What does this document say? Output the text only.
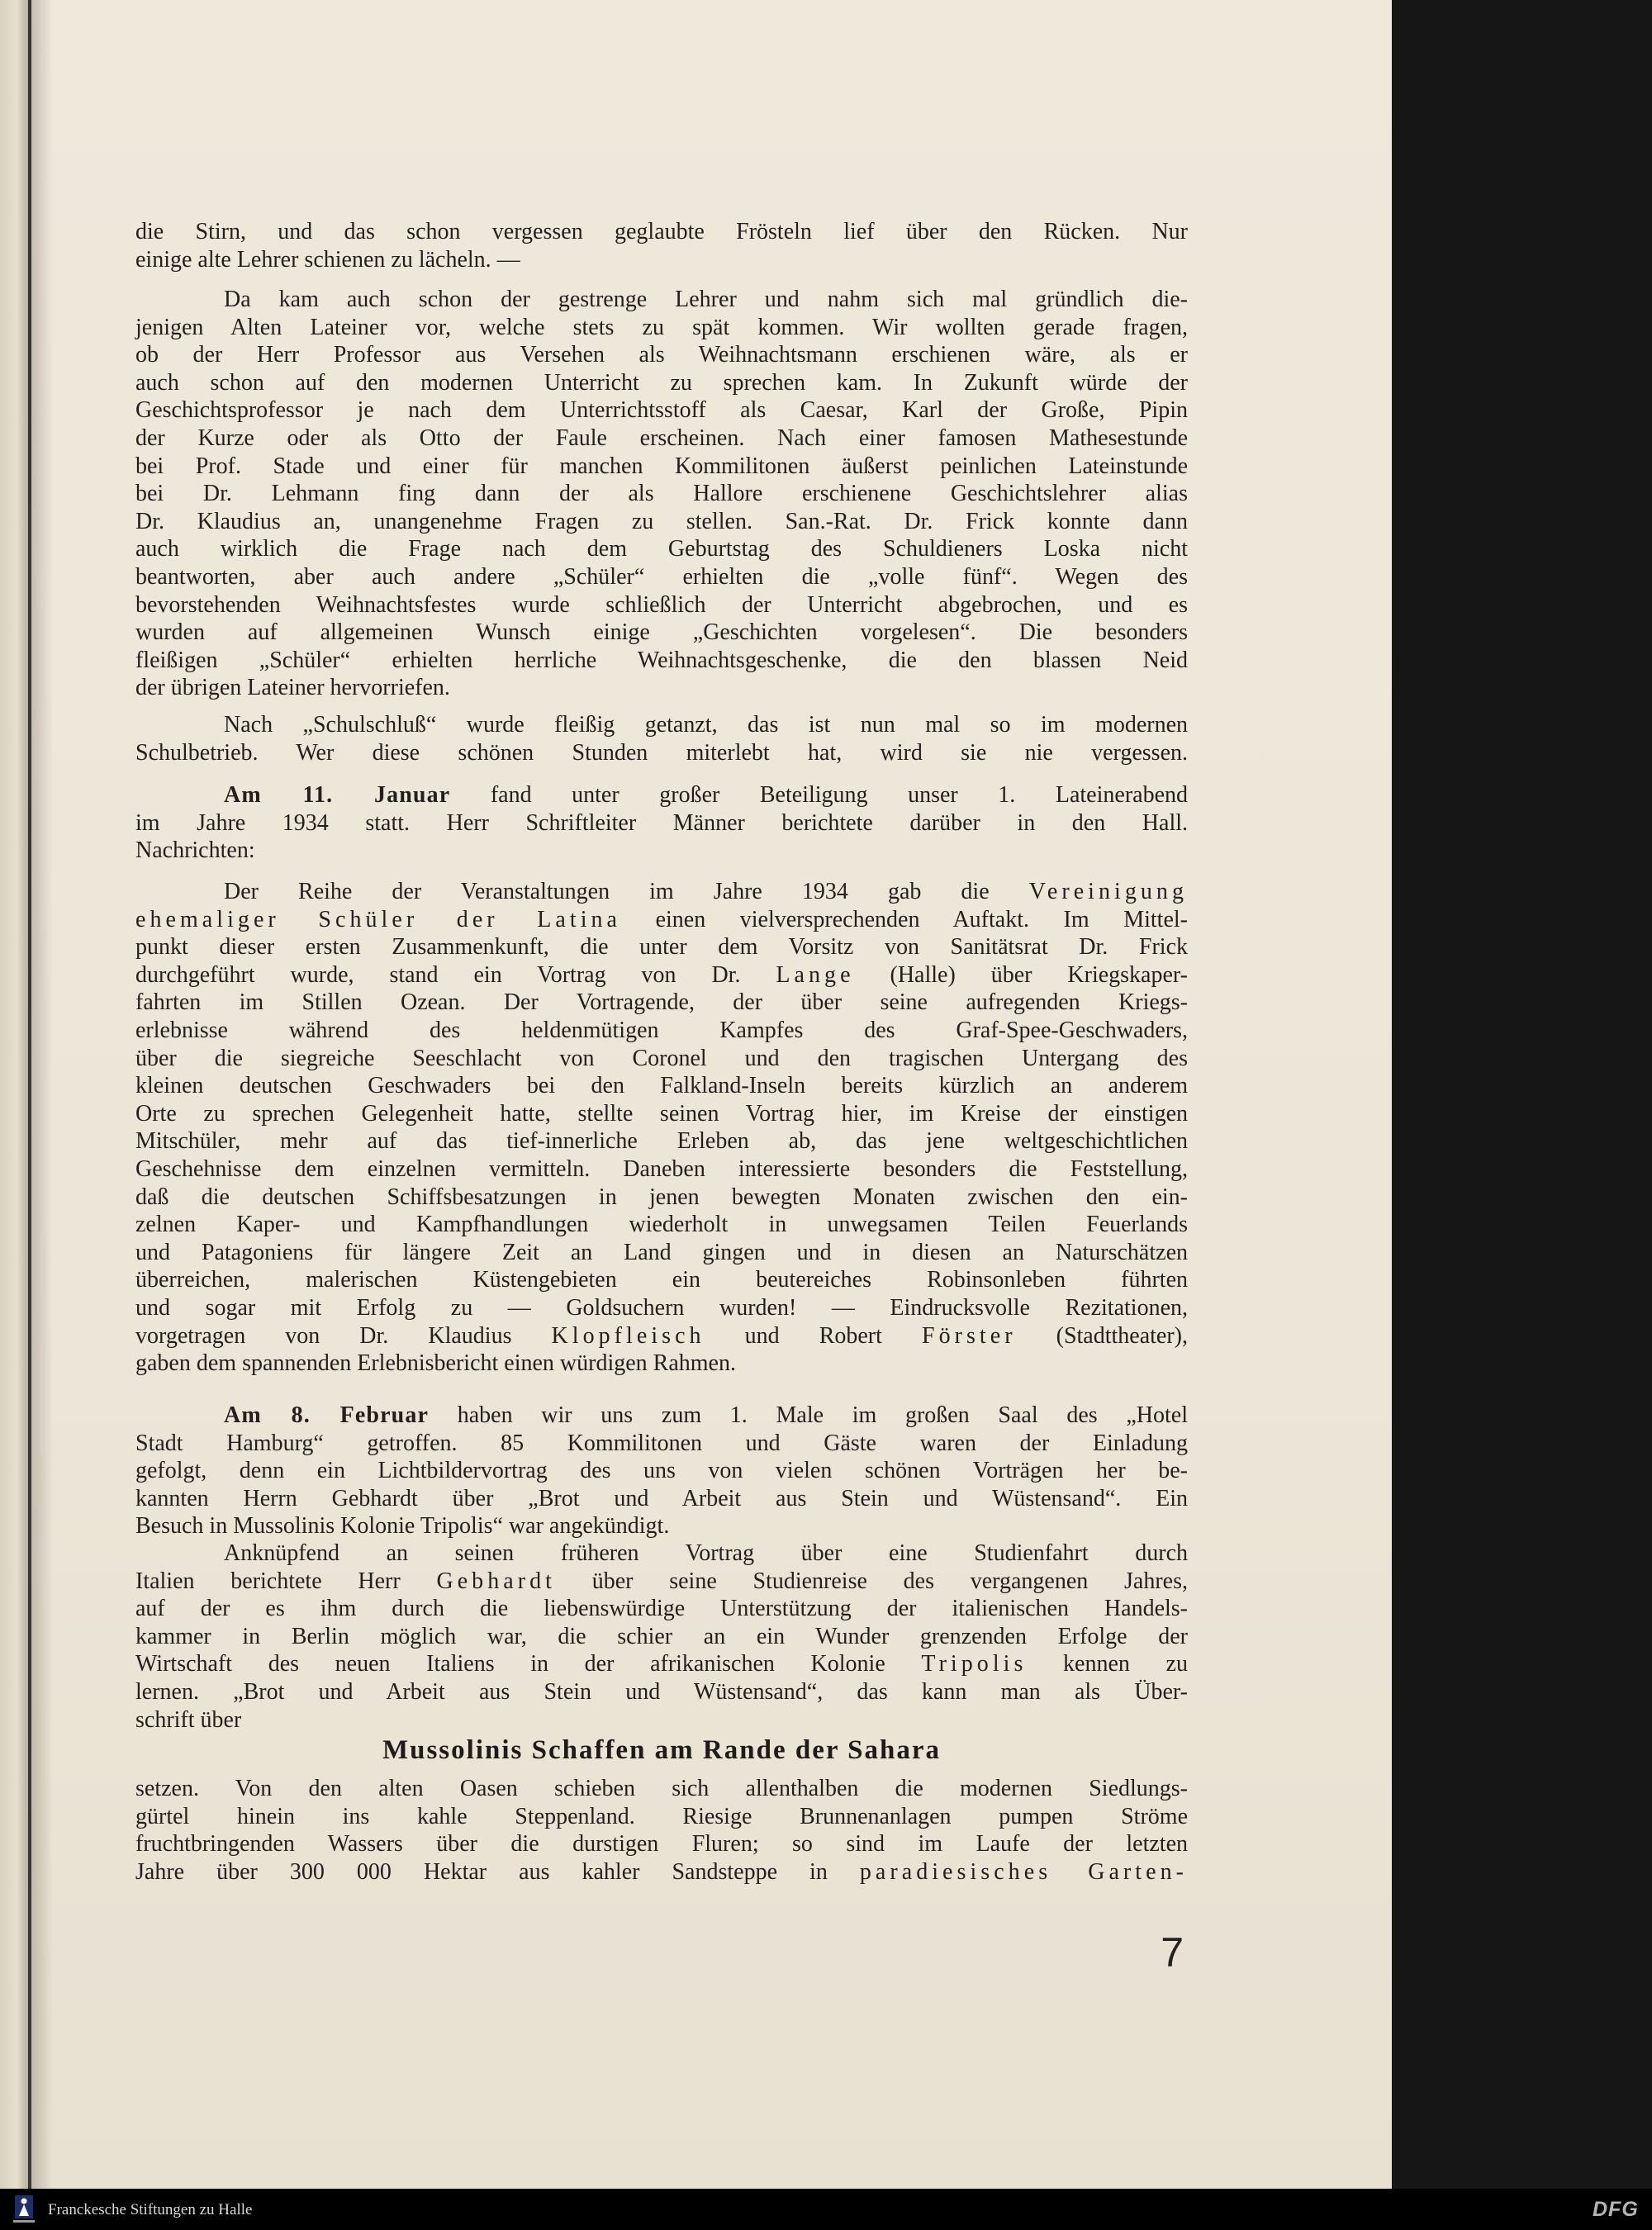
die Stirn, und das schon vergessen geglaubte Frösteln lief über den Rücken. Nur
einige alte Lehrer schienen zu lächeln. —
Da kam auch schon der gestrenge Lehrer und nahm sich mal gründlich die-
jenigen Alten Lateiner vor, welche stets zu spät kommen. Wir wollten gerade fragen,
ob der Herr Professor aus Versehen als Weihnachtsmann erschienen wäre, als er
auch schon auf den modernen Unterricht zu sprechen kam. In Zukunft würde der
Geschichtsprofessor je nach dem Unterrichtsstoff als Caesar, Karl der Große, Pipin
der Kurze oder als Otto der Faule erscheinen. Nach einer famosen Mathesestunde
bei Prof. Stade und einer für manchen Kommilitonen äußerst peinlichen Lateinstunde
bei Dr. Lehmann fing dann der als Hallore erschienene Geschichtslehrer alias
Dr. Klaudius an, unangenehme Fragen zu stellen. San.-Rat. Dr. Frick konnte dann
auch wirklich die Frage nach dem Geburtstag des Schuldieners Loska nicht
beantworten, aber auch andere „Schüler“ erhielten die „volle fünf“. Wegen des
bevorstehenden Weihnachtsfestes wurde schließlich der Unterricht abgebrochen, und es
wurden auf allgemeinen Wunsch einige „Geschichten vorgelesen“. Die besonders
fleißigen „Schüler“ erhielten herrliche Weihnachtsgeschenke, die den blassen Neid
der übrigen Lateiner hervorriefen.
Nach „Schulschluß“ wurde fleißig getanzt, das ist nun mal so im modernen
Schulbetrieb. Wer diese schönen Stunden miterlebt hat, wird sie nie vergessen.
Am 11. Januar fand unter großer Beteiligung unser 1. Lateinerabend
im Jahre 1934 statt. Herr Schriftleiter Männer berichtete darüber in den Hall.
Nachrichten:
Der Reihe der Veranstaltungen im Jahre 1934 gab die Vereinigung
ehemaliger Schüler der Latina einen vielversprechenden Auftakt. Im Mittel-
punkt dieser ersten Zusammenkunft, die unter dem Vorsitz von Sanitätsrat Dr. Frick
durchgeführt wurde, stand ein Vortrag von Dr. Lange (Halle) über Kriegskaper-
fahrten im Stillen Ozean. Der Vortragende, der über seine aufregenden Kriegs-
erlebnisse während des heldenmütigen Kampfes des Graf-Spee-Geschwaders,
über die siegreiche Seeschlacht von Coronel und den tragischen Untergang des
kleinen deutschen Geschwaders bei den Falkland-Inseln bereits kürzlich an anderem
Orte zu sprechen Gelegenheit hatte, stellte seinen Vortrag hier, im Kreise der einstigen
Mitschüler, mehr auf das tief-innerliche Erleben ab, das jene weltgeschichtlichen
Geschehnisse dem einzelnen vermitteln. Daneben interessierte besonders die Feststellung,
daß die deutschen Schiffsbesatzungen in jenen bewegten Monaten zwischen den ein-
zelnen Kaper- und Kampfhandlungen wiederholt in unwegsamen Teilen Feuerlands
und Patagoniens für längere Zeit an Land gingen und in diesen an Naturschätzen
überreichen, malerischen Küstengebieten ein beutereiches Robinsonleben führten
und sogar mit Erfolg zu — Goldsuchern wurden! — Eindrucksvolle Rezitationen,
vorgetragen von Dr. Klaudius Klopfleisch und Robert Förster (Stadttheater),
gaben dem spannenden Erlebnisbericht einen würdigen Rahmen.
Am 8. Februar haben wir uns zum 1. Male im großen Saal des „Hotel
Stadt Hamburg“ getroffen. 85 Kommilitonen und Gäste waren der Einladung
gefolgt, denn ein Lichtbildervortrag des uns von vielen schönen Vorträgen her be-
kannten Herrn Gebhardt über „Brot und Arbeit aus Stein und Wüstensand“. Ein
Besuch in Mussolinis Kolonie Tripolis“ war angekündigt.
Anknüpfend an seinen früheren Vortrag über eine Studienfahrt durch
Italien berichtete Herr Gebhardt über seine Studienreise des vergangenen Jahres,
auf der es ihm durch die liebenswürdige Unterstützung der italienischen Handels-
kammer in Berlin möglich war, die schier an ein Wunder grenzenden Erfolge der
Wirtschaft des neuen Italiens in der afrikanischen Kolonie Tripolis kennen zu
lernen. „Brot und Arbeit aus Stein und Wüstensand“, das kann man als Über-
schrift über
Mussolinis Schaffen am Rande der Sahara
setzen. Von den alten Oasen schieben sich allenthalben die modernen Siedlungs-
gürtel hinein ins kahle Steppenland. Riesige Brunnenanlagen pumpen Ströme
fruchtbringenden Wassers über die durstigen Fluren; so sind im Laufe der letzten
Jahre über 300 000 Hektar aus kahler Sandsteppe in paradiesisches Garten-
7
Franckesche Stiftungen zu Halle	DFG
